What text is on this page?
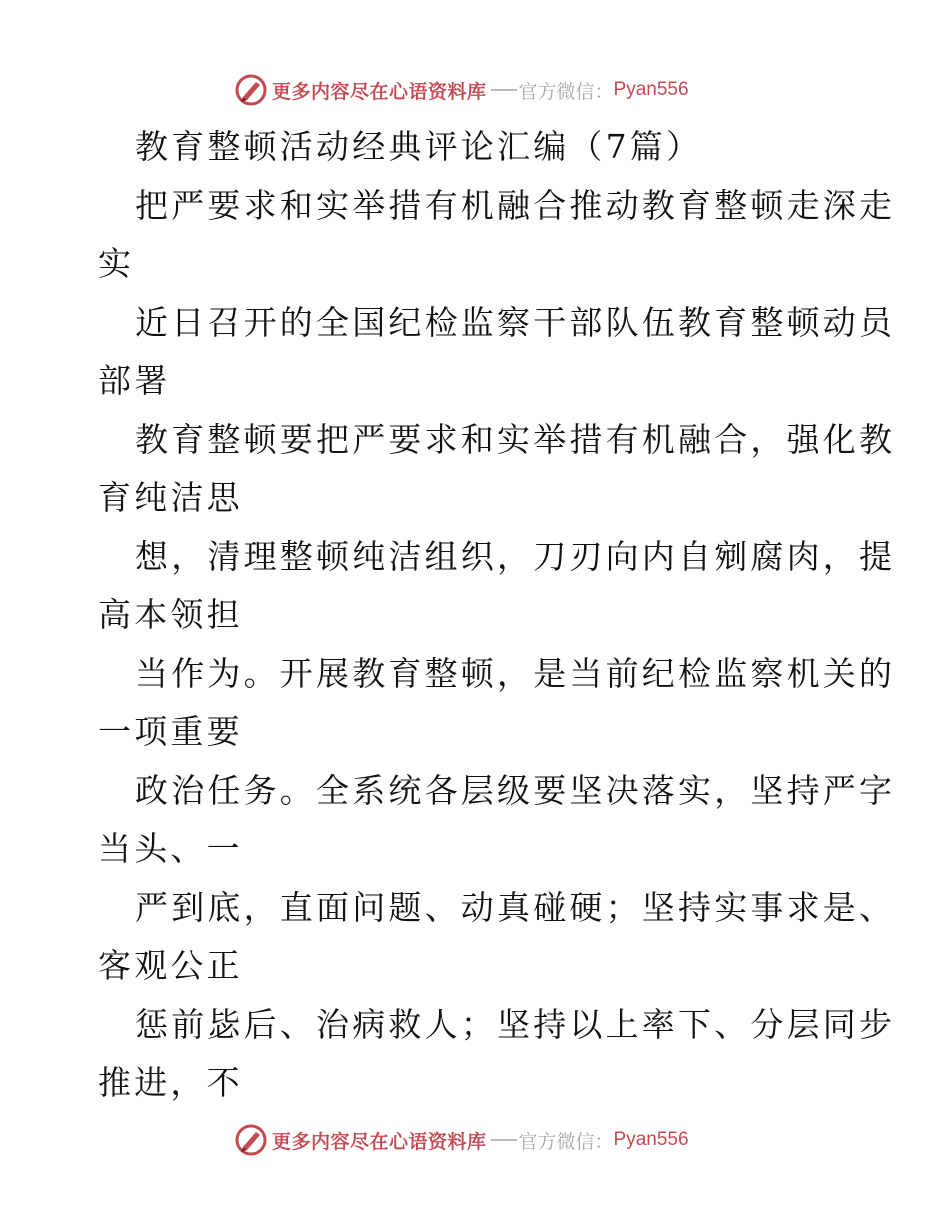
更多内容尽在心语资料库 官方微信： Pyan556
教育整顿活动经典评论汇编（7篇）
把严要求和实举措有机融合推动教育整顿走深走
实
近日召开的全国纪检监察干部队伍教育整顿动员
部署
教育整顿要把严要求和实举措有机融合，强化教
育纯洁思
想，清理整顿纯洁组织，刀刃向内自剜腐肉，提
高本领担
当作为。开展教育整顿，是当前纪检监察机关的
一项重要
政治任务。全系统各层级要坚决落实，坚持严字
当头、一
严到底，直面问题、动真碰硬；坚持实事求是、
客观公正
惩前毖后、治病救人；坚持以上率下、分层同步
推进，不
更多内容尽在心语资料库 官方微信： Pyan556
